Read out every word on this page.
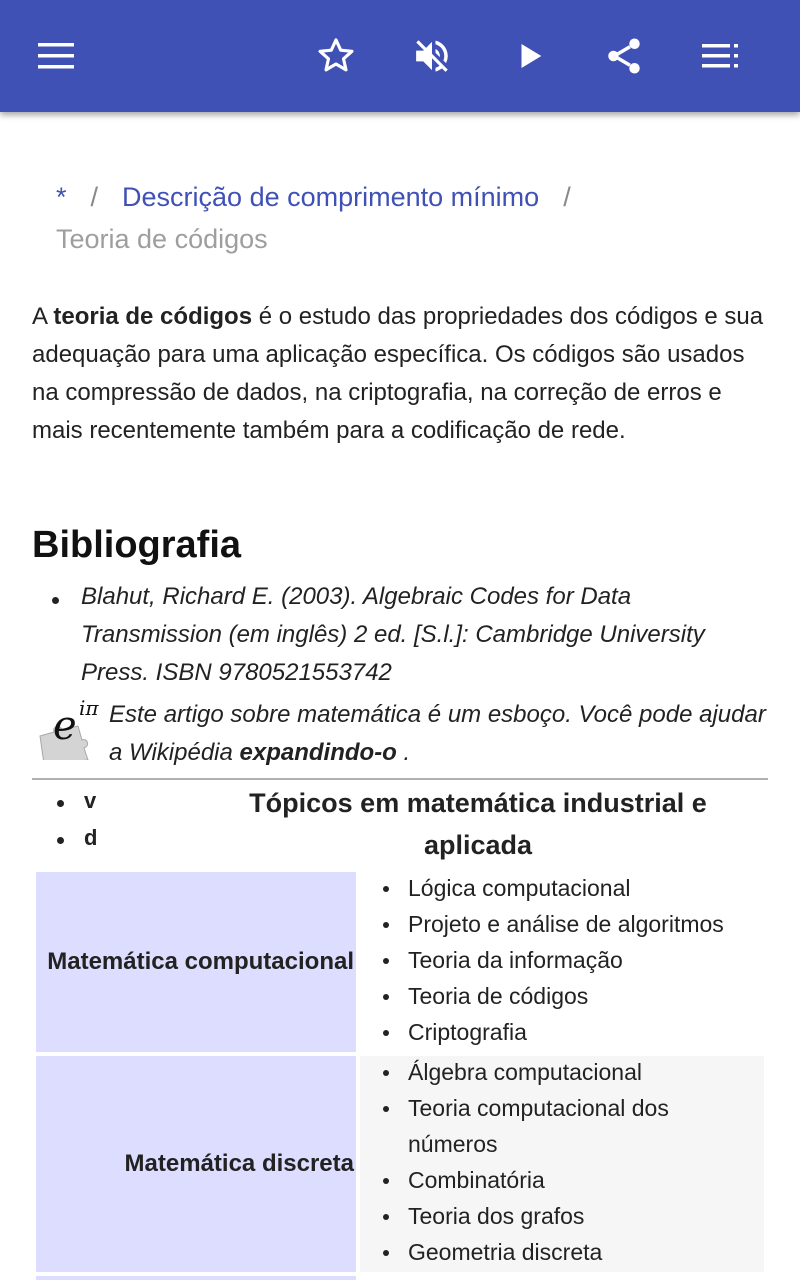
* / Descrição de comprimento mínimo /
Teoria de códigos
A teoria de códigos é o estudo das propriedades dos códigos e sua adequação para uma aplicação específica. Os códigos são usados na compressão de dados, na criptografia, na correção de erros e mais recentemente também para a codificação de rede.
Bibliografia
Blahut, Richard E. (2003). Algebraic Codes for Data Transmission (em inglês) 2 ed. [S.l.]: Cambridge University Press. ISBN 9780521553742
e iπ Este artigo sobre matemática é um esboço. Você pode ajudar a Wikipédia expandindo-o .
v
d
Tópicos em matemática industrial e aplicada
Matemática computacional
Lógica computacional
Projeto e análise de algoritmos
Teoria da informação
Teoria de códigos
Criptografia
Matemática discreta
Álgebra computacional
Teoria computacional dos números
Combinatória
Teoria dos grafos
Geometria discreta
